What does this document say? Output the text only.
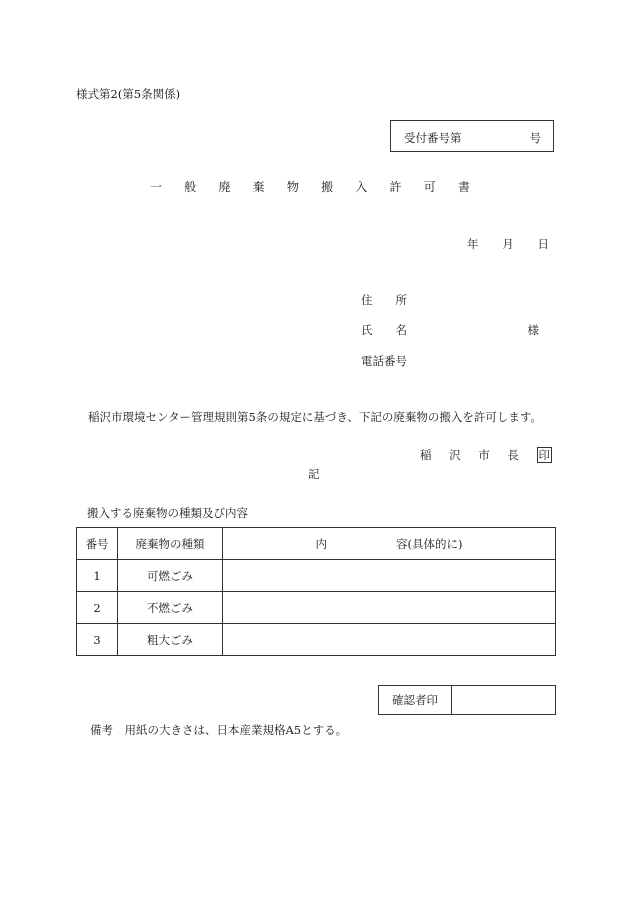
様式第2(第5条関係)
受付番号第	号
一 般 廃 棄 物 搬 入 許 可 書
年 月 日
住　　所
氏　　名	様
電話番号
稲沢市環境センター管理規則第5条の規定に基づき、下記の廃棄物の搬入を許可します。
稲 沢 市 長 印
記
搬入する廃棄物の種類及び内容
番号	廃棄物の種類	内　　　　　　容(具体的に)
1	可燃ごみ	
2	不燃ごみ	
3	粗大ごみ	
確認者印
備考　用紙の大きさは、日本産業規格A5とする。
